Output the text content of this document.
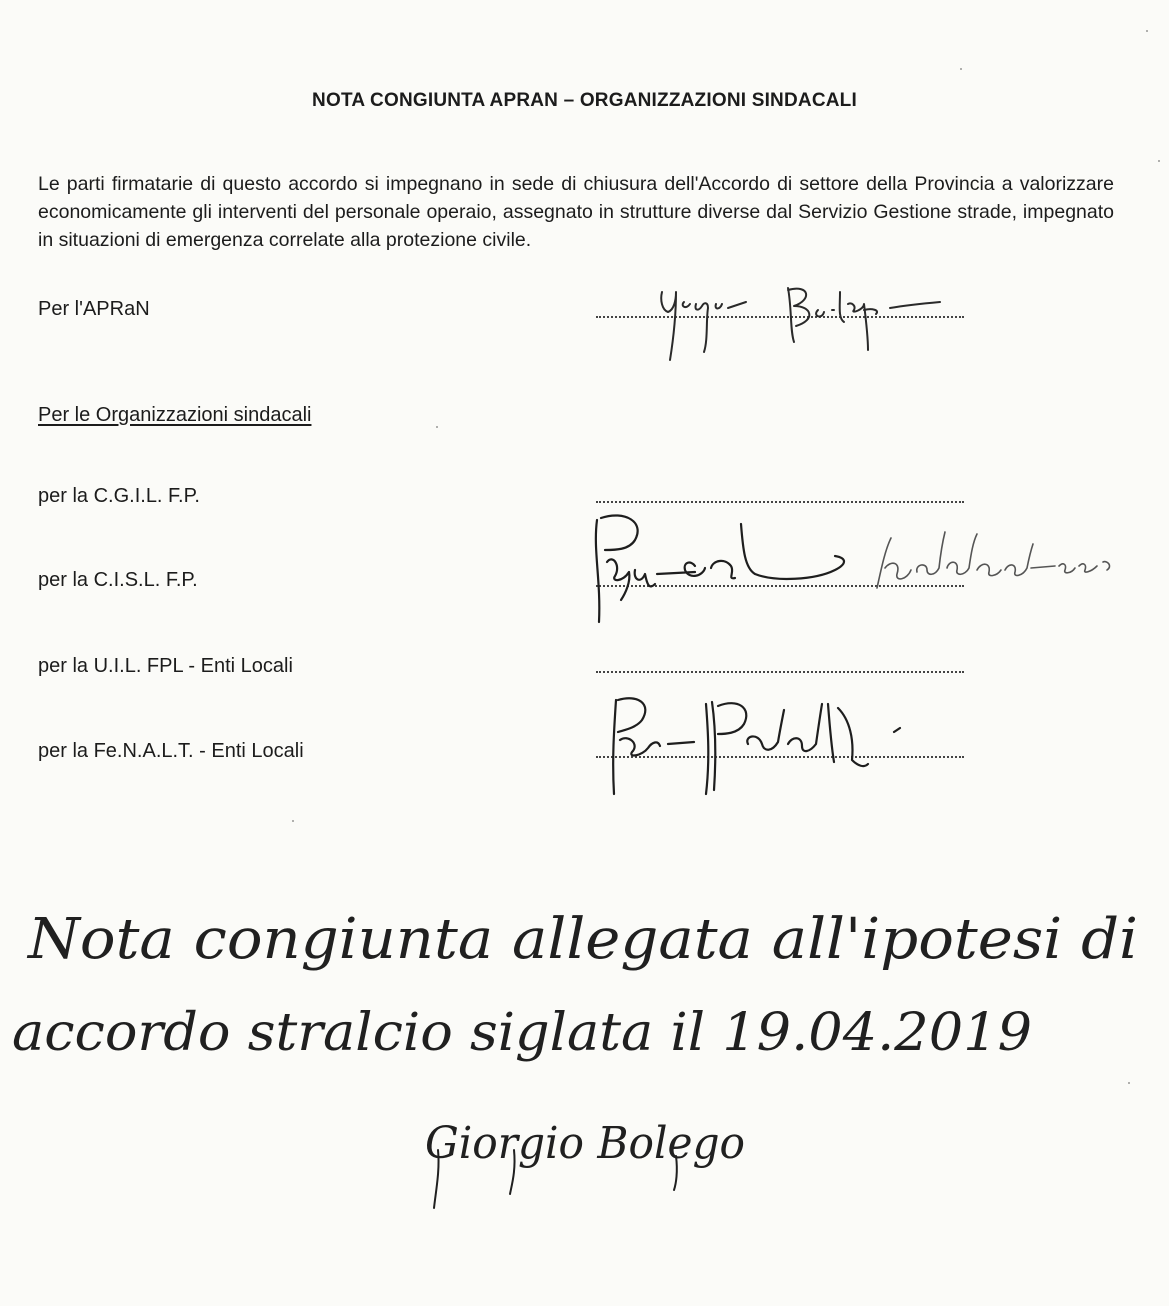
NOTA CONGIUNTA APRAN – ORGANIZZAZIONI SINDACALI
Le parti firmatarie di questo accordo si impegnano in sede di chiusura dell'Accordo di settore della Provincia a valorizzare economicamente gli interventi del personale operaio, assegnato in strutture diverse dal Servizio Gestione strade, impegnato in situazioni di emergenza correlate alla protezione civile.
Per l'APRaN
Per le Organizzazioni sindacali
per la C.G.I.L. F.P.
per la C.I.S.L. F.P.
per la U.I.L. FPL - Enti Locali
per la Fe.N.A.L.T. - Enti Locali
Nota congiunta allegata all'ipotesi di
accordo stralcio siglata il 19.04.2019
Giorgio Bolego
